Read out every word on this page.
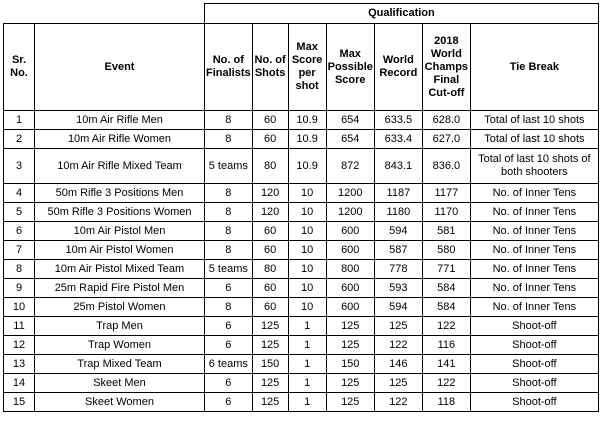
		Qualification						
Sr. No.	Event	No. of Finalists	No. of Shots	Max Score per shot	Max Possible Score	World Record	2018 World Champs Final Cut-off	Tie Break
1	10m Air Rifle Men	8	60	10.9	654	633.5	628.0	Total of last 10 shots
2	10m Air Rifle Women	8	60	10.9	654	633.4	627.0	Total of last 10 shots
3	10m Air Rifle Mixed Team	5 teams	80	10.9	872	843.1	836.0	Total of last 10 shots of both shooters
4	50m Rifle 3 Positions Men	8	120	10	1200	1187	1177	No. of Inner Tens
5	50m Rifle 3 Positions Women	8	120	10	1200	1180	1170	No. of Inner Tens
6	10m Air Pistol Men	8	60	10	600	594	581	No. of Inner Tens
7	10m Air Pistol Women	8	60	10	600	587	580	No. of Inner Tens
8	10m Air Pistol Mixed Team	5 teams	80	10	800	778	771	No. of Inner Tens
9	25m Rapid Fire Pistol Men	6	60	10	600	593	584	No. of Inner Tens
10	25m Pistol Women	8	60	10	600	594	584	No. of Inner Tens
11	Trap Men	6	125	1	125	125	122	Shoot-off
12	Trap Women	6	125	1	125	122	116	Shoot-off
13	Trap Mixed Team	6 teams	150	1	150	146	141	Shoot-off
14	Skeet Men	6	125	1	125	125	122	Shoot-off
15	Skeet Women	6	125	1	125	122	118	Shoot-off
